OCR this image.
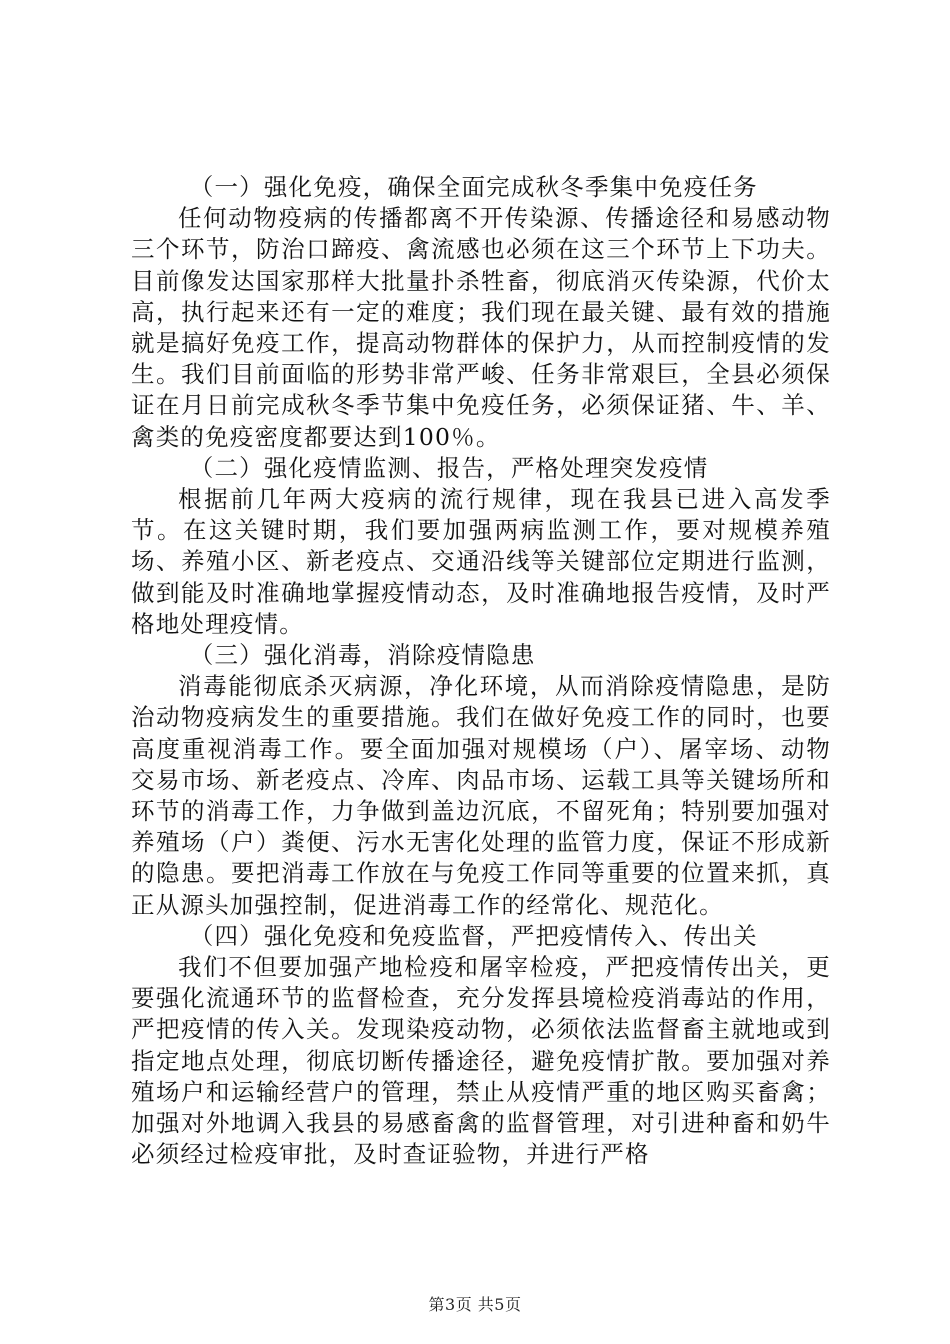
（一）强化免疫，确保全面完成秋冬季集中免疫任务

任何动物疫病的传播都离不开传染源、传播途径和易感动物三个环节，防治口蹄疫、禽流感也必须在这三个环节上下功夫。目前像发达国家那样大批量扑杀牲畜，彻底消灭传染源，代价太高，执行起来还有一定的难度；我们现在最关键、最有效的措施就是搞好免疫工作，提高动物群体的保护力，从而控制疫情的发生。我们目前面临的形势非常严峻、任务非常艰巨，全县必须保证在月日前完成秋冬季节集中免疫任务，必须保证猪、牛、羊、禽类的免疫密度都要达到100％。

（二）强化疫情监测、报告，严格处理突发疫情

根据前几年两大疫病的流行规律，现在我县已进入高发季节。在这关键时期，我们要加强两病监测工作，要对规模养殖场、养殖小区、新老疫点、交通沿线等关键部位定期进行监测，做到能及时准确地掌握疫情动态，及时准确地报告疫情，及时严格地处理疫情。

（三）强化消毒，消除疫情隐患

消毒能彻底杀灭病源，净化环境，从而消除疫情隐患，是防治动物疫病发生的重要措施。我们在做好免疫工作的同时，也要高度重视消毒工作。要全面加强对规模场（户）、屠宰场、动物交易市场、新老疫点、冷库、肉品市场、运载工具等关键场所和环节的消毒工作，力争做到盖边沉底，不留死角；特别要加强对养殖场（户）粪便、污水无害化处理的监管力度，保证不形成新的隐患。要把消毒工作放在与免疫工作同等重要的位置来抓，真正从源头加强控制，促进消毒工作的经常化、规范化。

（四）强化免疫和免疫监督，严把疫情传入、传出关

我们不但要加强产地检疫和屠宰检疫，严把疫情传出关，更要强化流通环节的监督检查，充分发挥县境检疫消毒站的作用，严把疫情的传入关。发现染疫动物，必须依法监督畜主就地或到指定地点处理，彻底切断传播途径，避免疫情扩散。要加强对养殖场户和运输经营户的管理，禁止从疫情严重的地区购买畜禽；加强对外地调入我县的易感畜禽的监督管理，对引进种畜和奶牛必须经过检疫审批，及时查证验物，并进行严格

第3页 共5页
